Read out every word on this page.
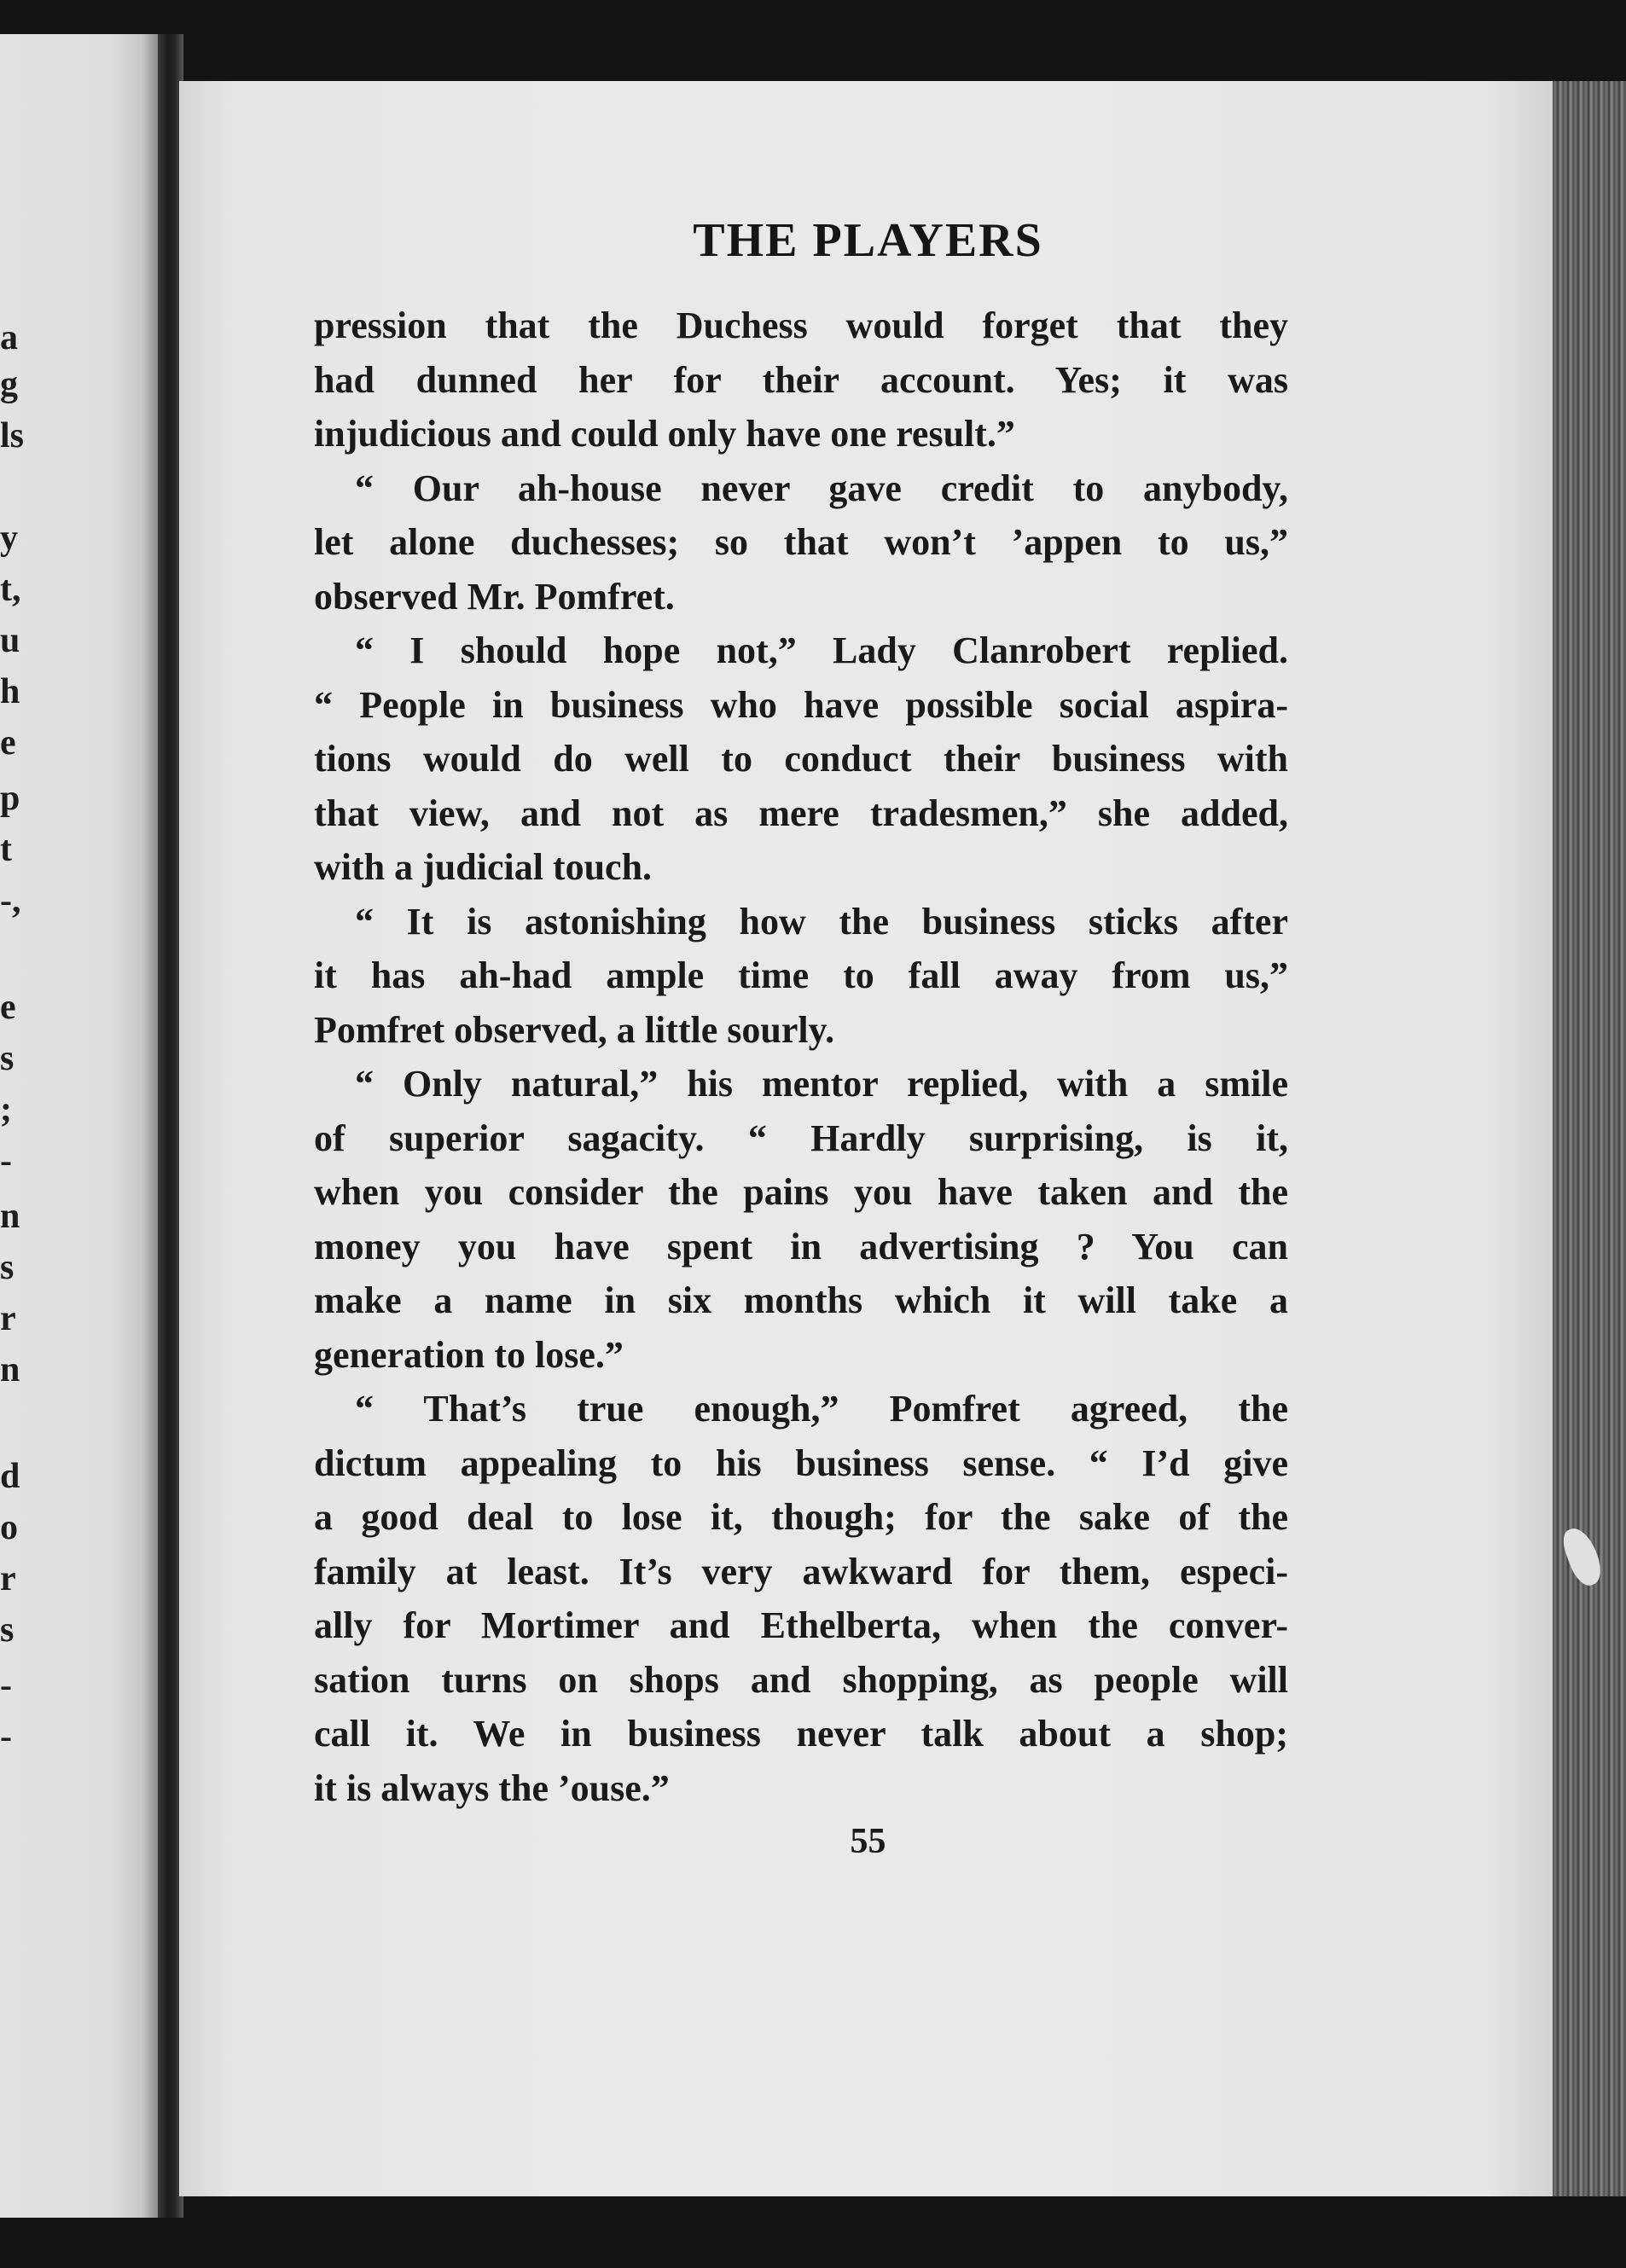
a
g
ls
y
t,
u
h
e
p
t
-,
e
s
;
-
n
s
r
n
d
o
r
s
-
-
THE PLAYERS
pression that the Duchess would forget that they
had dunned her for their account. Yes; it was
injudicious and could only have one result.”
“ Our ah-house never gave credit to anybody,
let alone duchesses; so that won’t ’appen to us,”
observed Mr. Pomfret.
“ I should hope not,” Lady Clanrobert replied.
“ People in business who have possible social aspira-
tions would do well to conduct their business with
that view, and not as mere tradesmen,” she added,
with a judicial touch.
“ It is astonishing how the business sticks after
it has ah-had ample time to fall away from us,”
Pomfret observed, a little sourly.
“ Only natural,” his mentor replied, with a smile
of superior sagacity. “ Hardly surprising, is it,
when you consider the pains you have taken and the
money you have spent in advertising ? You can
make a name in six months which it will take a
generation to lose.”
“ That’s true enough,” Pomfret agreed, the
dictum appealing to his business sense. “ I’d give
a good deal to lose it, though; for the sake of the
family at least. It’s very awkward for them, especi-
ally for Mortimer and Ethelberta, when the conver-
sation turns on shops and shopping, as people will
call it. We in business never talk about a shop;
it is always the ’ouse.”
55
